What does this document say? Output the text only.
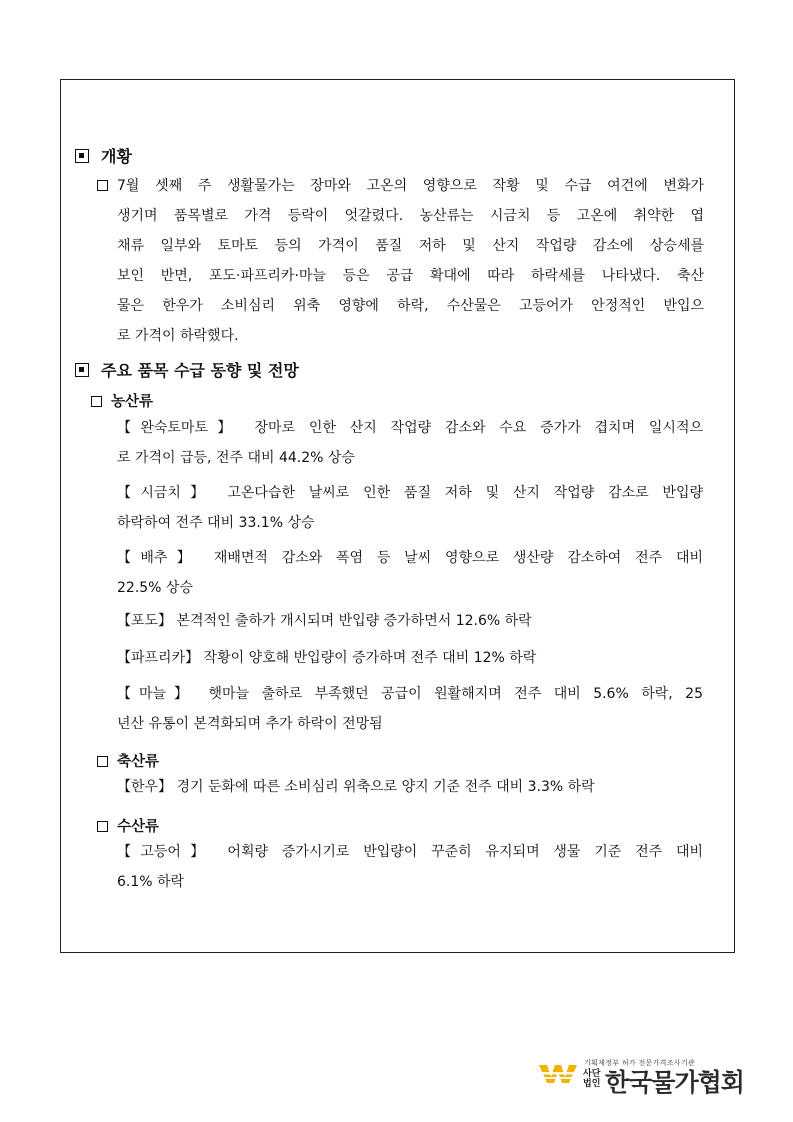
개황
7월 셋째 주 생활물가는 장마와 고온의 영향으로 작황 및 수급 여건에 변화가
생기며 품목별로 가격 등락이 엇갈렸다. 농산류는 시금치 등 고온에 취약한 엽
채류 일부와 토마토 등의 가격이 품질 저하 및 산지 작업량 감소에 상승세를
보인 반면, 포도·파프리카·마늘 등은 공급 확대에 따라 하락세를 나타냈다. 축산
물은 한우가 소비심리 위축 영향에 하락, 수산물은 고등어가 안정적인 반입으
로 가격이 하락했다.
주요 품목 수급 동향 및 전망
농산류
【완숙토마토】 장마로 인한 산지 작업량 감소와 수요 증가가 겹치며 일시적으
로 가격이 급등, 전주 대비 44.2% 상승
【시금치】 고온다습한 날씨로 인한 품질 저하 및 산지 작업량 감소로 반입량
하락하여 전주 대비 33.1% 상승
【배추】 재배면적 감소와 폭염 등 날씨 영향으로 생산량 감소하여 전주 대비
22.5% 상승
【포도】 본격적인 출하가 개시되며 반입량 증가하면서 12.6% 하락
【파프리카】 작황이 양호해 반입량이 증가하며 전주 대비 12% 하락
【마늘】 햇마늘 출하로 부족했던 공급이 원활해지며 전주 대비 5.6% 하락, 25
년산 유통이 본격화되며 추가 하락이 전망됨
축산류
【한우】 경기 둔화에 따른 소비심리 위축으로 양지 기준 전주 대비 3.3% 하락
수산류
【고등어】 어획량 증가시기로 반입량이 꾸준히 유지되며 생물 기준 전주 대비
6.1% 하락
기획재정부 허가 전문가격조사기관
사단
법인 한국물가협회
